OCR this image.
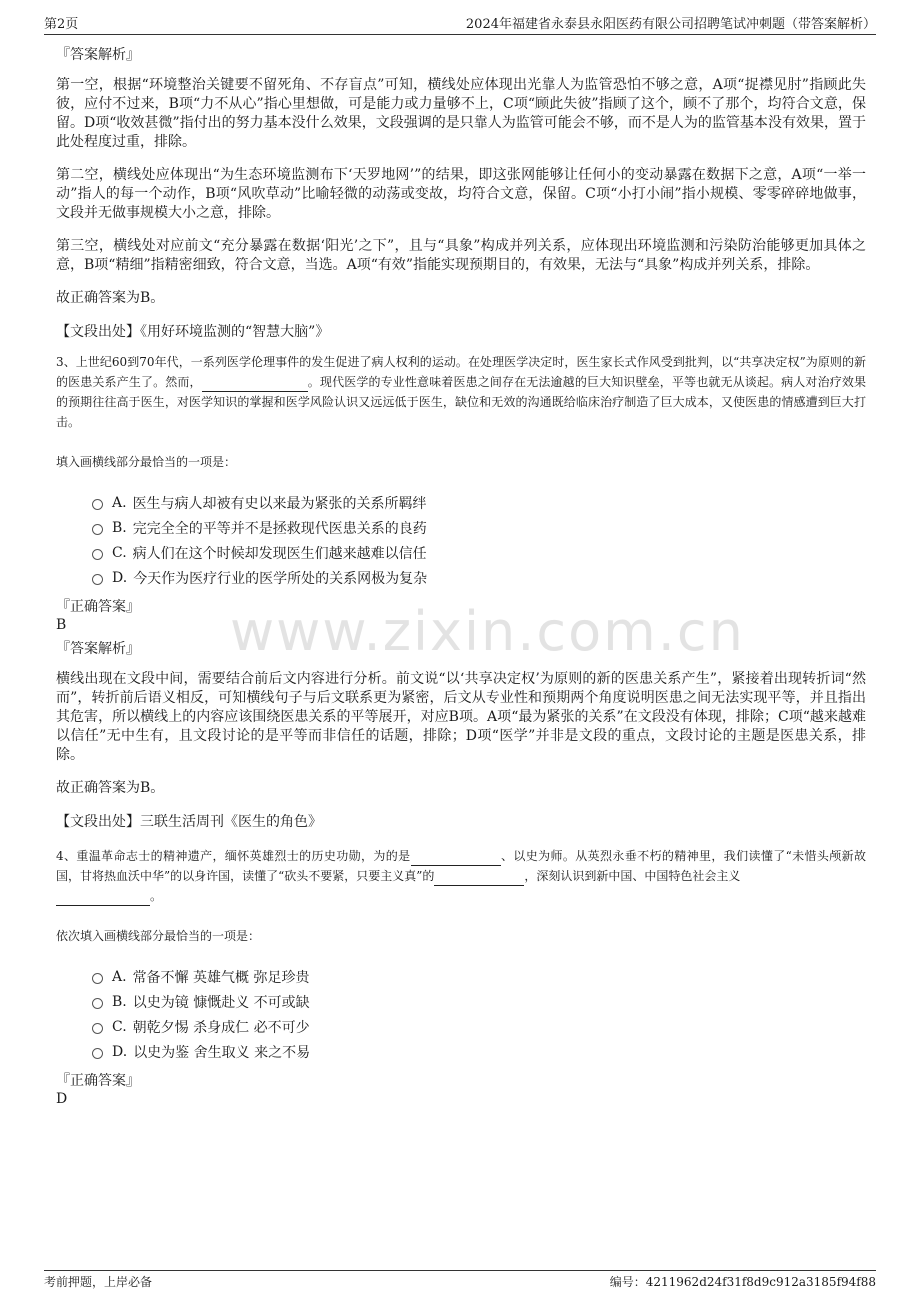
第2页	2024年福建省永泰县永阳医药有限公司招聘笔试冲刺题（带答案解析）
www.zixin.com.cn
『答案解析』

第一空，根据“环境整治关键要不留死角、不存盲点”可知，横线处应体现出光靠人为监管恐怕不够之意，A项“捉襟见肘”指顾此失彼，应付不过来，B项“力不从心”指心里想做，可是能力或力量够不上，C项“顾此失彼”指顾了这个，顾不了那个，均符合文意，保留。D项“收效甚微”指付出的努力基本没什么效果，文段强调的是只靠人为监管可能会不够，而不是人为的监管基本没有效果，置于此处程度过重，排除。

第二空，横线处应体现出“为生态环境监测布下‘天罗地网’”的结果，即这张网能够让任何小的变动暴露在数据下之意，A项“一举一动”指人的每一个动作，B项“风吹草动”比喻轻微的动荡或变故，均符合文意，保留。C项“小打小闹”指小规模、零零碎碎地做事，文段并无做事规模大小之意，排除。

第三空，横线处对应前文“充分暴露在数据‘阳光’之下”，且与“具象”构成并列关系，应体现出环境监测和污染防治能够更加具体之意，B项“精细”指精密细致，符合文意，当选。A项“有效”指能实现预期目的，有效果，无法与“具象”构成并列关系，排除。

故正确答案为B。

【文段出处】《用好环境监测的“智慧大脑”》

3、上世纪60到70年代，一系列医学伦理事件的发生促进了病人权利的运动。在处理医学决定时，医生家长式作风受到批判，以“共享决定权”为原则的新的医患关系产生了。然而，	。现代医学的专业性意味着医患之间存在无法逾越的巨大知识壁垒，平等也就无从谈起。病人对治疗效果的预期往往高于医生，对医学知识的掌握和医学风险认识又远远低于医生，缺位和无效的沟通既给临床治疗制造了巨大成本，又使医患的情感遭到巨大打击。

填入画横线部分最恰当的一项是：

A. 医生与病人却被有史以来最为紧张的关系所羁绊
B. 完完全全的平等并不是拯救现代医患关系的良药
C. 病人们在这个时候却发现医生们越来越难以信任
D. 今天作为医疗行业的医学所处的关系网极为复杂

『正确答案』

B

『答案解析』

横线出现在文段中间，需要结合前后文内容进行分析。前文说“以‘共享决定权’为原则的新的医患关系产生”，紧接着出现转折词“然而”，转折前后语义相反，可知横线句子与后文联系更为紧密，后文从专业性和预期两个角度说明医患之间无法实现平等，并且指出其危害，所以横线上的内容应该围绕医患关系的平等展开，对应B项。A项“最为紧张的关系”在文段没有体现，排除；C项“越来越难以信任”无中生有，且文段讨论的是平等而非信任的话题，排除；D项“医学”并非是文段的重点，文段讨论的主题是医患关系，排除。

故正确答案为B。

【文段出处】三联生活周刊《医生的角色》

4、重温革命志士的精神遗产，缅怀英雄烈士的历史功勋，为的是	、以史为师。从英烈永垂不朽的精神里，我们读懂了“未惜头颅新故国，甘将热血沃中华”的以身许国，读懂了“砍头不要紧，只要主义真”的	，深刻认识到新中国、中国特色社会主义
。

依次填入画横线部分最恰当的一项是：

A. 常备不懈 英雄气概 弥足珍贵
B. 以史为镜 慷慨赴义 不可或缺
C. 朝乾夕惕 杀身成仁 必不可少
D. 以史为鉴 舍生取义 来之不易

『正确答案』

D

考前押题，上岸必备	编号：4211962d24f31f8d9c912a3185f94f88
